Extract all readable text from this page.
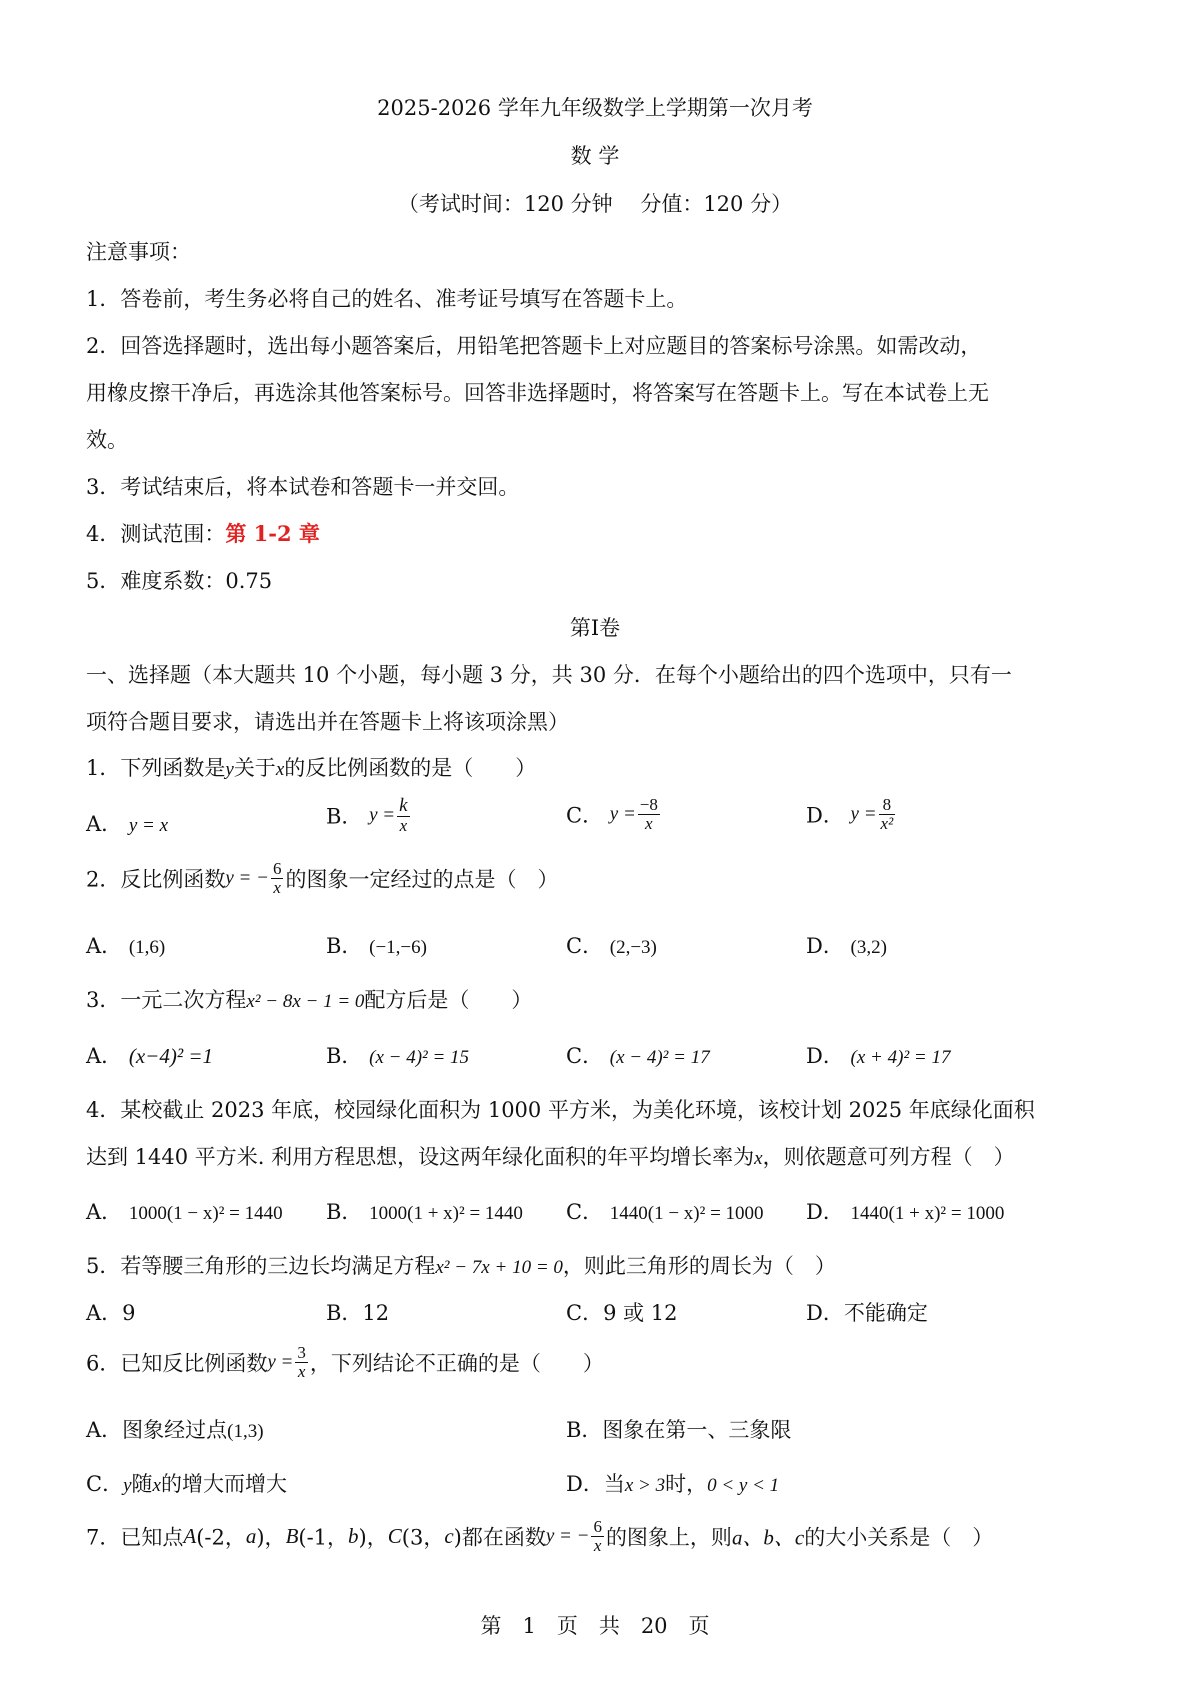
2025-2026 学年九年级数学上学期第一次月考
数 学
（考试时间：120 分钟　 分值：120 分）
注意事项：
1．答卷前，考生务必将自己的姓名、准考证号填写在答题卡上。
2．回答选择题时，选出每小题答案后，用铅笔把答题卡上对应题目的答案标号涂黑。如需改动，
用橡皮擦干净后，再选涂其他答案标号。回答非选择题时，将答案写在答题卡上。写在本试卷上无
效。
3．考试结束后，将本试卷和答题卡一并交回。
4．测试范围：第 1-2 章
5．难度系数：0.75
第Ⅰ卷
一、选择题（本大题共 10 个小题，每小题 3 分，共 30 分．在每个小题给出的四个选项中，只有一
项符合题目要求，请选出并在答题卡上将该项涂黑）
1．下列函数是y关于x的反比例函数的是（　　）
A． y = x	B． $y = \frac{k}{x}$	C． $y = \frac{-8}{x}$	D． $y = \frac{8}{\text{x²}}$
2．反比例函数y = − $\frac{6}{x}$ 的图象一定经过的点是（　）
A． (1,6)	B． (−1,−6)	C． (2,−3)	D． (3,2)
3．一元二次方程x² − 8x − 1 = 0配方后是（　　）
A． (x−4)² =1	B． (x − 4)² = 15	C． (x − 4)² = 17	D． (x + 4)² = 17
4．某校截止 2023 年底，校园绿化面积为 1000 平方米，为美化环境，该校计划 2025 年底绿化面积
达到 1440 平方米. 利用方程思想，设这两年绿化面积的年平均增长率为x，则依题意可列方程（　）
A． 1000(1 − x)² = 1440 B． 1000(1 + x)² = 1440 C． 1440(1 − x)² = 1000 D． 1440(1 + x)² = 1000
5．若等腰三角形的三边长均满足方程x² − 7x + 10 = 0，则此三角形的周长为（　）
A．9	B．12	C．9 或 12	D．不能确定
6．已知反比例函数$y = \frac{3}{x}$ ，下列结论不正确的是（　　）
A．图象经过点(1,3)	B．图象在第一、三象限
C．y随x的增大而增大	D．当x > 3时，0 < y < 1
7．已知点A(-2，a)，B(-1，b)，C(3，c)都在函数y = − $\frac{6}{x}$ 的图象上，则a、b、c的大小关系是（　）
第　1　页　共　20　页
